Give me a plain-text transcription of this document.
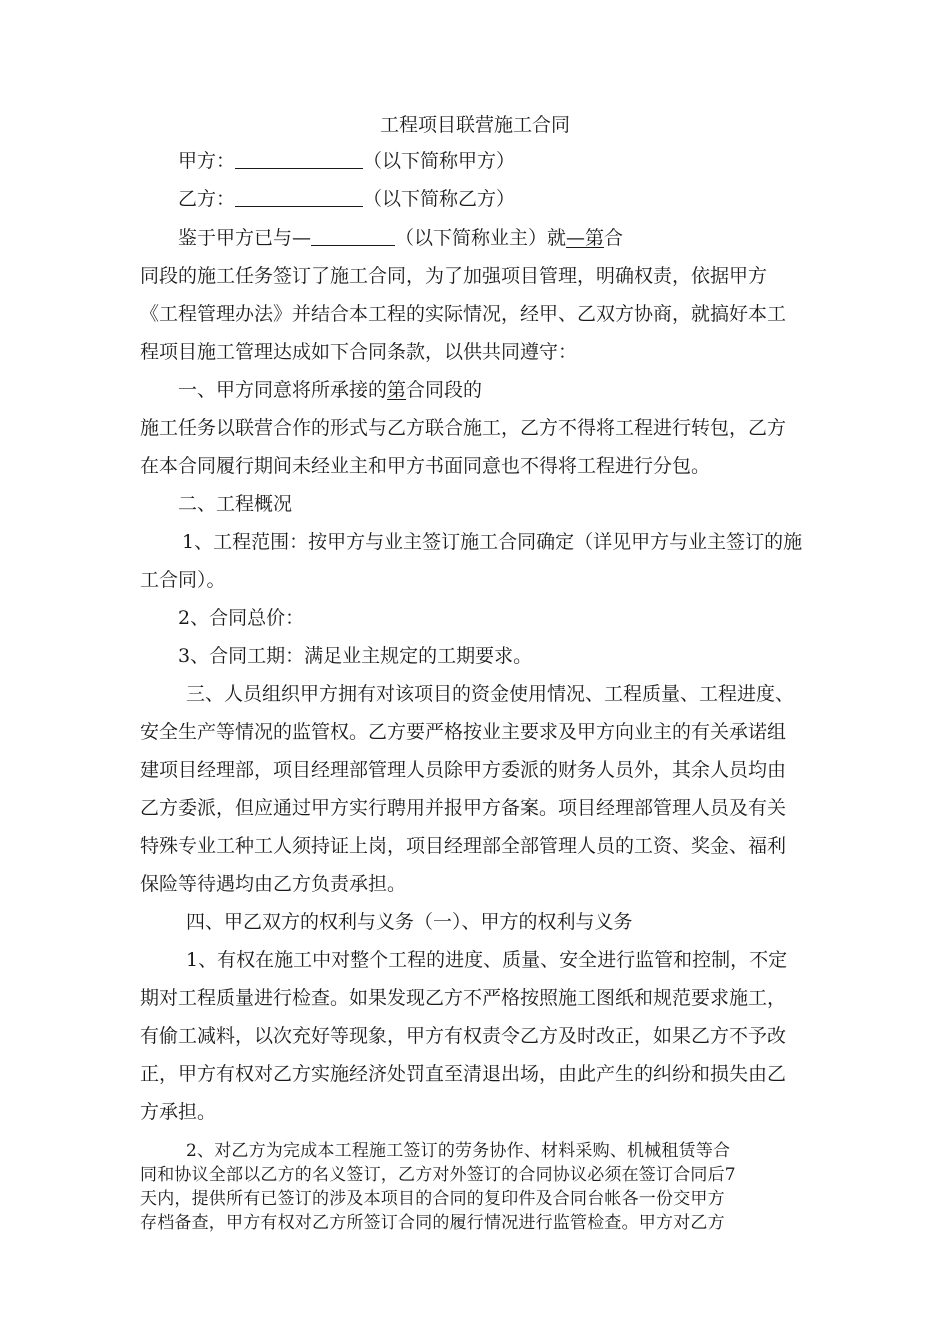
工程项目联营施工合同
甲方：	（以下简称甲方）
乙方：	（以下简称乙方）
鉴于甲方已与—	（以下简称业主）就—第合
同段的施工任务签订了施工合同，为了加强项目管理，明确权责，依据甲方
《工程管理办法》并结合本工程的实际情况，经甲、乙双方协商，就搞好本工
程项目施工管理达成如下合同条款，以供共同遵守：
一、甲方同意将所承接的第合同段的
施工任务以联营合作的形式与乙方联合施工，乙方不得将工程进行转包，乙方
在本合同履行期间未经业主和甲方书面同意也不得将工程进行分包。
二、工程概况
1、工程范围：按甲方与业主签订施工合同确定（详见甲方与业主签订的施
工合同）。
2、合同总价：
3、合同工期：满足业主规定的工期要求。
三、人员组织甲方拥有对该项目的资金使用情况、工程质量、工程进度、
安全生产等情况的监管权。乙方要严格按业主要求及甲方向业主的有关承诺组
建项目经理部，项目经理部管理人员除甲方委派的财务人员外，其余人员均由
乙方委派，但应通过甲方实行聘用并报甲方备案。项目经理部管理人员及有关
特殊专业工种工人须持证上岗，项目经理部全部管理人员的工资、奖金、福利
保险等待遇均由乙方负责承担。
四、甲乙双方的权利与义务（一）、甲方的权利与义务
1、有权在施工中对整个工程的进度、质量、安全进行监管和控制，不定
期对工程质量进行检查。如果发现乙方不严格按照施工图纸和规范要求施工，
有偷工减料，以次充好等现象，甲方有权责令乙方及时改正，如果乙方不予改
正，甲方有权对乙方实施经济处罚直至清退出场，由此产生的纠纷和损失由乙
方承担。
2、对乙方为完成本工程施工签订的劳务协作、材料采购、机械租赁等合
同和协议全部以乙方的名义签订，乙方对外签订的合同协议必须在签订合同后7
天内，提供所有已签订的涉及本项目的合同的复印件及合同台帐各一份交甲方
存档备查，甲方有权对乙方所签订合同的履行情况进行监管检查。甲方对乙方
